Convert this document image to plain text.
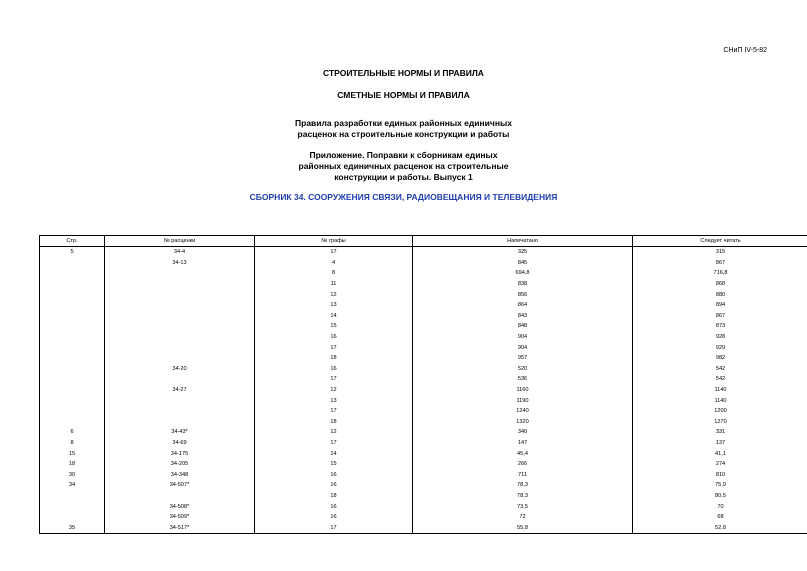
СНиП IV-5-82
СТРОИТЕЛЬНЫЕ НОРМЫ И ПРАВИЛА
СМЕТНЫЕ НОРМЫ И ПРАВИЛА
Правила разработки единых районных единичных
расценок на строительные конструкции и работы
Приложение. Поправки к сборникам единых
районных единичных расценок на строительные
конструкции и работы. Выпуск 1
СБОРНИК 34. СООРУЖЕНИЯ СВЯЗИ, РАДИОВЕЩАНИЯ И ТЕЛЕВИДЕНИЯ
Стр.	№ расценки	№ графы	Напечатано	Следует читать
5	34-4	17	325	315
	34-13	4	845	867
		8	694,8	716,8
		11	838	868
		12	856	880
		13	864	894
		14	843	867
		15	848	873
		16	904	928
		17	904	929
		18	957	982
	34-20	16	520	542
		17	536	542
	34-27	12	1160	1140
		13	1190	1140
		17	1240	1200
		18	1320	1270
6	34-43*	12	340	331
8	34-69	17	147	137
15	34-175	14	45,4	41,1
18	34-205	15	266	274
30	34-348	16	711	810
34	34-507*	16	78,3	75,9
		18	78,3	80,5
	34-508*	16	73,5	70
	34-509*	16	72	68
35	34-517*	17	55,8	52,8
